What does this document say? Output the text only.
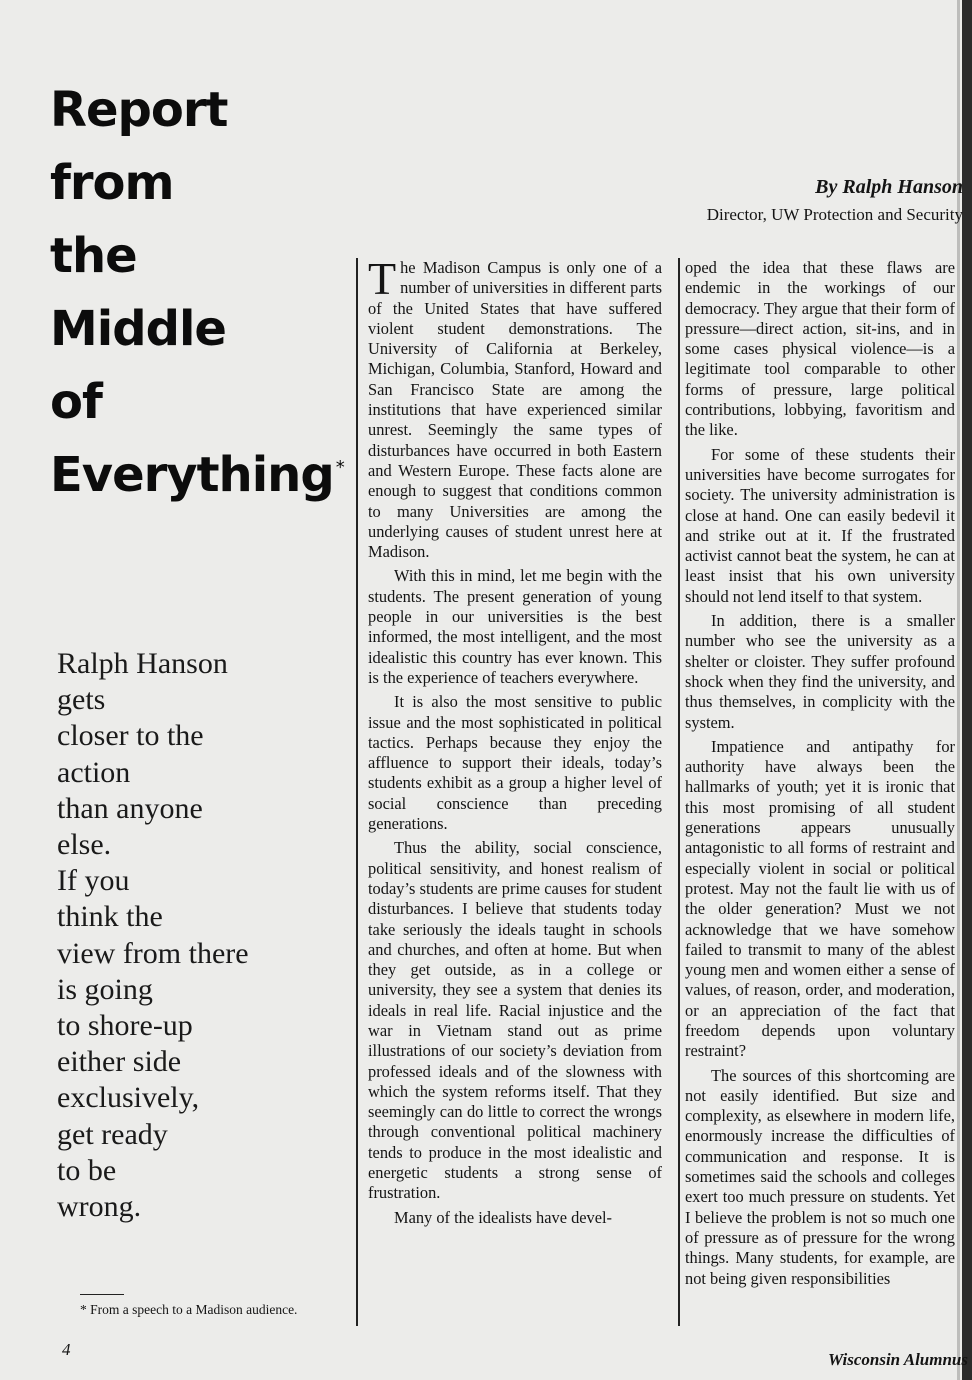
Report
from
the
Middle
of
Everything *
By Ralph Hanson
Director, UW Protection and Security
Ralph Hanson
gets
closer to the
action
than anyone
else.
If you
think the
view from there
is going
to shore-up
either side
exclusively,
get ready
to be
wrong.
* From a speech to a Madison audience.

The Madison Campus is only one of a number of universities in different parts of the United States that have suffered violent student demonstrations. The University of California at Berkeley, Michigan, Columbia, Stanford, Howard and San Francisco State are among the institutions that have experienced similar unrest. Seemingly the same types of disturbances have occurred in both Eastern and Western Europe. These facts alone are enough to suggest that conditions common to many Universities are among the underlying causes of student unrest here at Madison.

With this in mind, let me begin with the students. The present generation of young people in our universities is the best informed, the most intelligent, and the most idealistic this country has ever known. This is the experience of teachers everywhere.

It is also the most sensitive to public issue and the most sophisticated in political tactics. Perhaps because they enjoy the affluence to support their ideals, today’s students exhibit as a group a higher level of social conscience than preceding generations.

Thus the ability, social conscience, political sensitivity, and honest realism of today’s students are prime causes for student disturbances. I believe that students today take seriously the ideals taught in schools and churches, and often at home. But when they get outside, as in a college or university, they see a system that denies its ideals in real life. Racial injustice and the war in Vietnam stand out as prime illustrations of our society’s deviation from professed ideals and of the slowness with which the system reforms itself. That they seemingly can do little to correct the wrongs through conventional political machinery tends to produce in the most idealistic and energetic students a strong sense of frustration.

Many of the idealists have devel-

oped the idea that these flaws are endemic in the workings of our democracy. They argue that their form of pressure—direct action, sit-ins, and in some cases physical violence—is a legitimate tool comparable to other forms of pressure, large political contributions, lobbying, favoritism and the like.

For some of these students their universities have become surrogates for society. The university administration is close at hand. One can easily bedevil it and strike out at it. If the frustrated activist cannot beat the system, he can at least insist that his own university should not lend itself to that system.

In addition, there is a smaller number who see the university as a shelter or cloister. They suffer profound shock when they find the university, and thus themselves, in complicity with the system.

Impatience and antipathy for authority have always been the hallmarks of youth; yet it is ironic that this most promising of all student generations appears unusually antagonistic to all forms of restraint and especially violent in social or political protest. May not the fault lie with us of the older generation? Must we not acknowledge that we have somehow failed to transmit to many of the ablest young men and women either a sense of values, of reason, order, and moderation, or an appreciation of the fact that freedom depends upon voluntary restraint?

The sources of this shortcoming are not easily identified. But size and complexity, as elsewhere in modern life, enormously increase the difficulties of communication and response. It is sometimes said the schools and colleges exert too much pressure on students. Yet I believe the problem is not so much one of pressure as of pressure for the wrong things. Many students, for example, are not being given responsibilities

4
Wisconsin Alumnus
